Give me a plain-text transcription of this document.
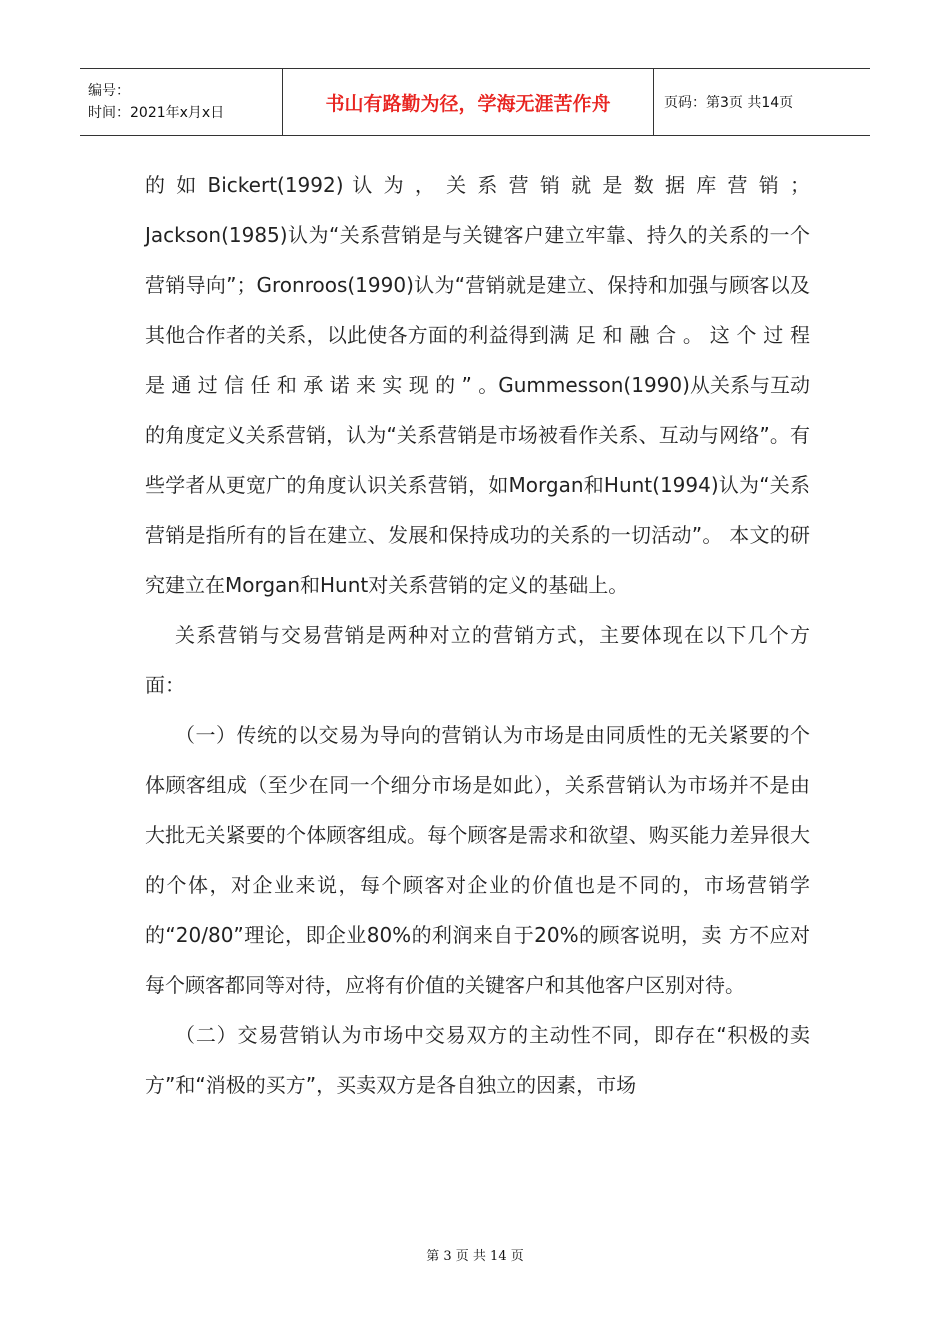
编号：
时间：2021年x月x日	书山有路勤为径，学海无涯苦作舟	页码：第3页 共14页

的 如 Bickert(1992) 认 为 ， 关 系 营 销 就 是 数 据 库 营 销 ；Jackson(1985)认为“关系营销是与关键客户建立牢靠、持久的关系的一个营销导向”；Gronroos(1990)认为“营销就是建立、保持和加强与顾客以及其他合作者的关系，以此使各方面的利益得到满 足 和 融 合 。 这 个 过 程 是 通 过 信 任 和 承 诺 来 实 现 的 ” 。Gummesson(1990)从关系与互动的角度定义关系营销，认为“关系营销是市场被看作关系、互动与网络”。有些学者从更宽广的角度认识关系营销，如Morgan和Hunt(1994)认为“关系营销是指所有的旨在建立、发展和保持成功的关系的一切活动”。 本文的研究建立在Morgan和Hunt对关系营销的定义的基础上。

关系营销与交易营销是两种对立的营销方式，主要体现在以下几个方面：

（一）传统的以交易为导向的营销认为市场是由同质性的无关紧要的个体顾客组成（至少在同一个细分市场是如此），关系营销认为市场并不是由大批无关紧要的个体顾客组成。每个顾客是需求和欲望、购买能力差异很大的个体，对企业来说，每个顾客对企业的价值也是不同的，市场营销学的“20/80”理论，即企业80%的利润来自于20%的顾客说明，卖 方不应对每个顾客都同等对待，应将有价值的关键客户和其他客户区别对待。

（二）交易营销认为市场中交易双方的主动性不同，即存在“积极的卖方”和“消极的买方”，买卖双方是各自独立的因素，市场

第 3 页 共 14 页
